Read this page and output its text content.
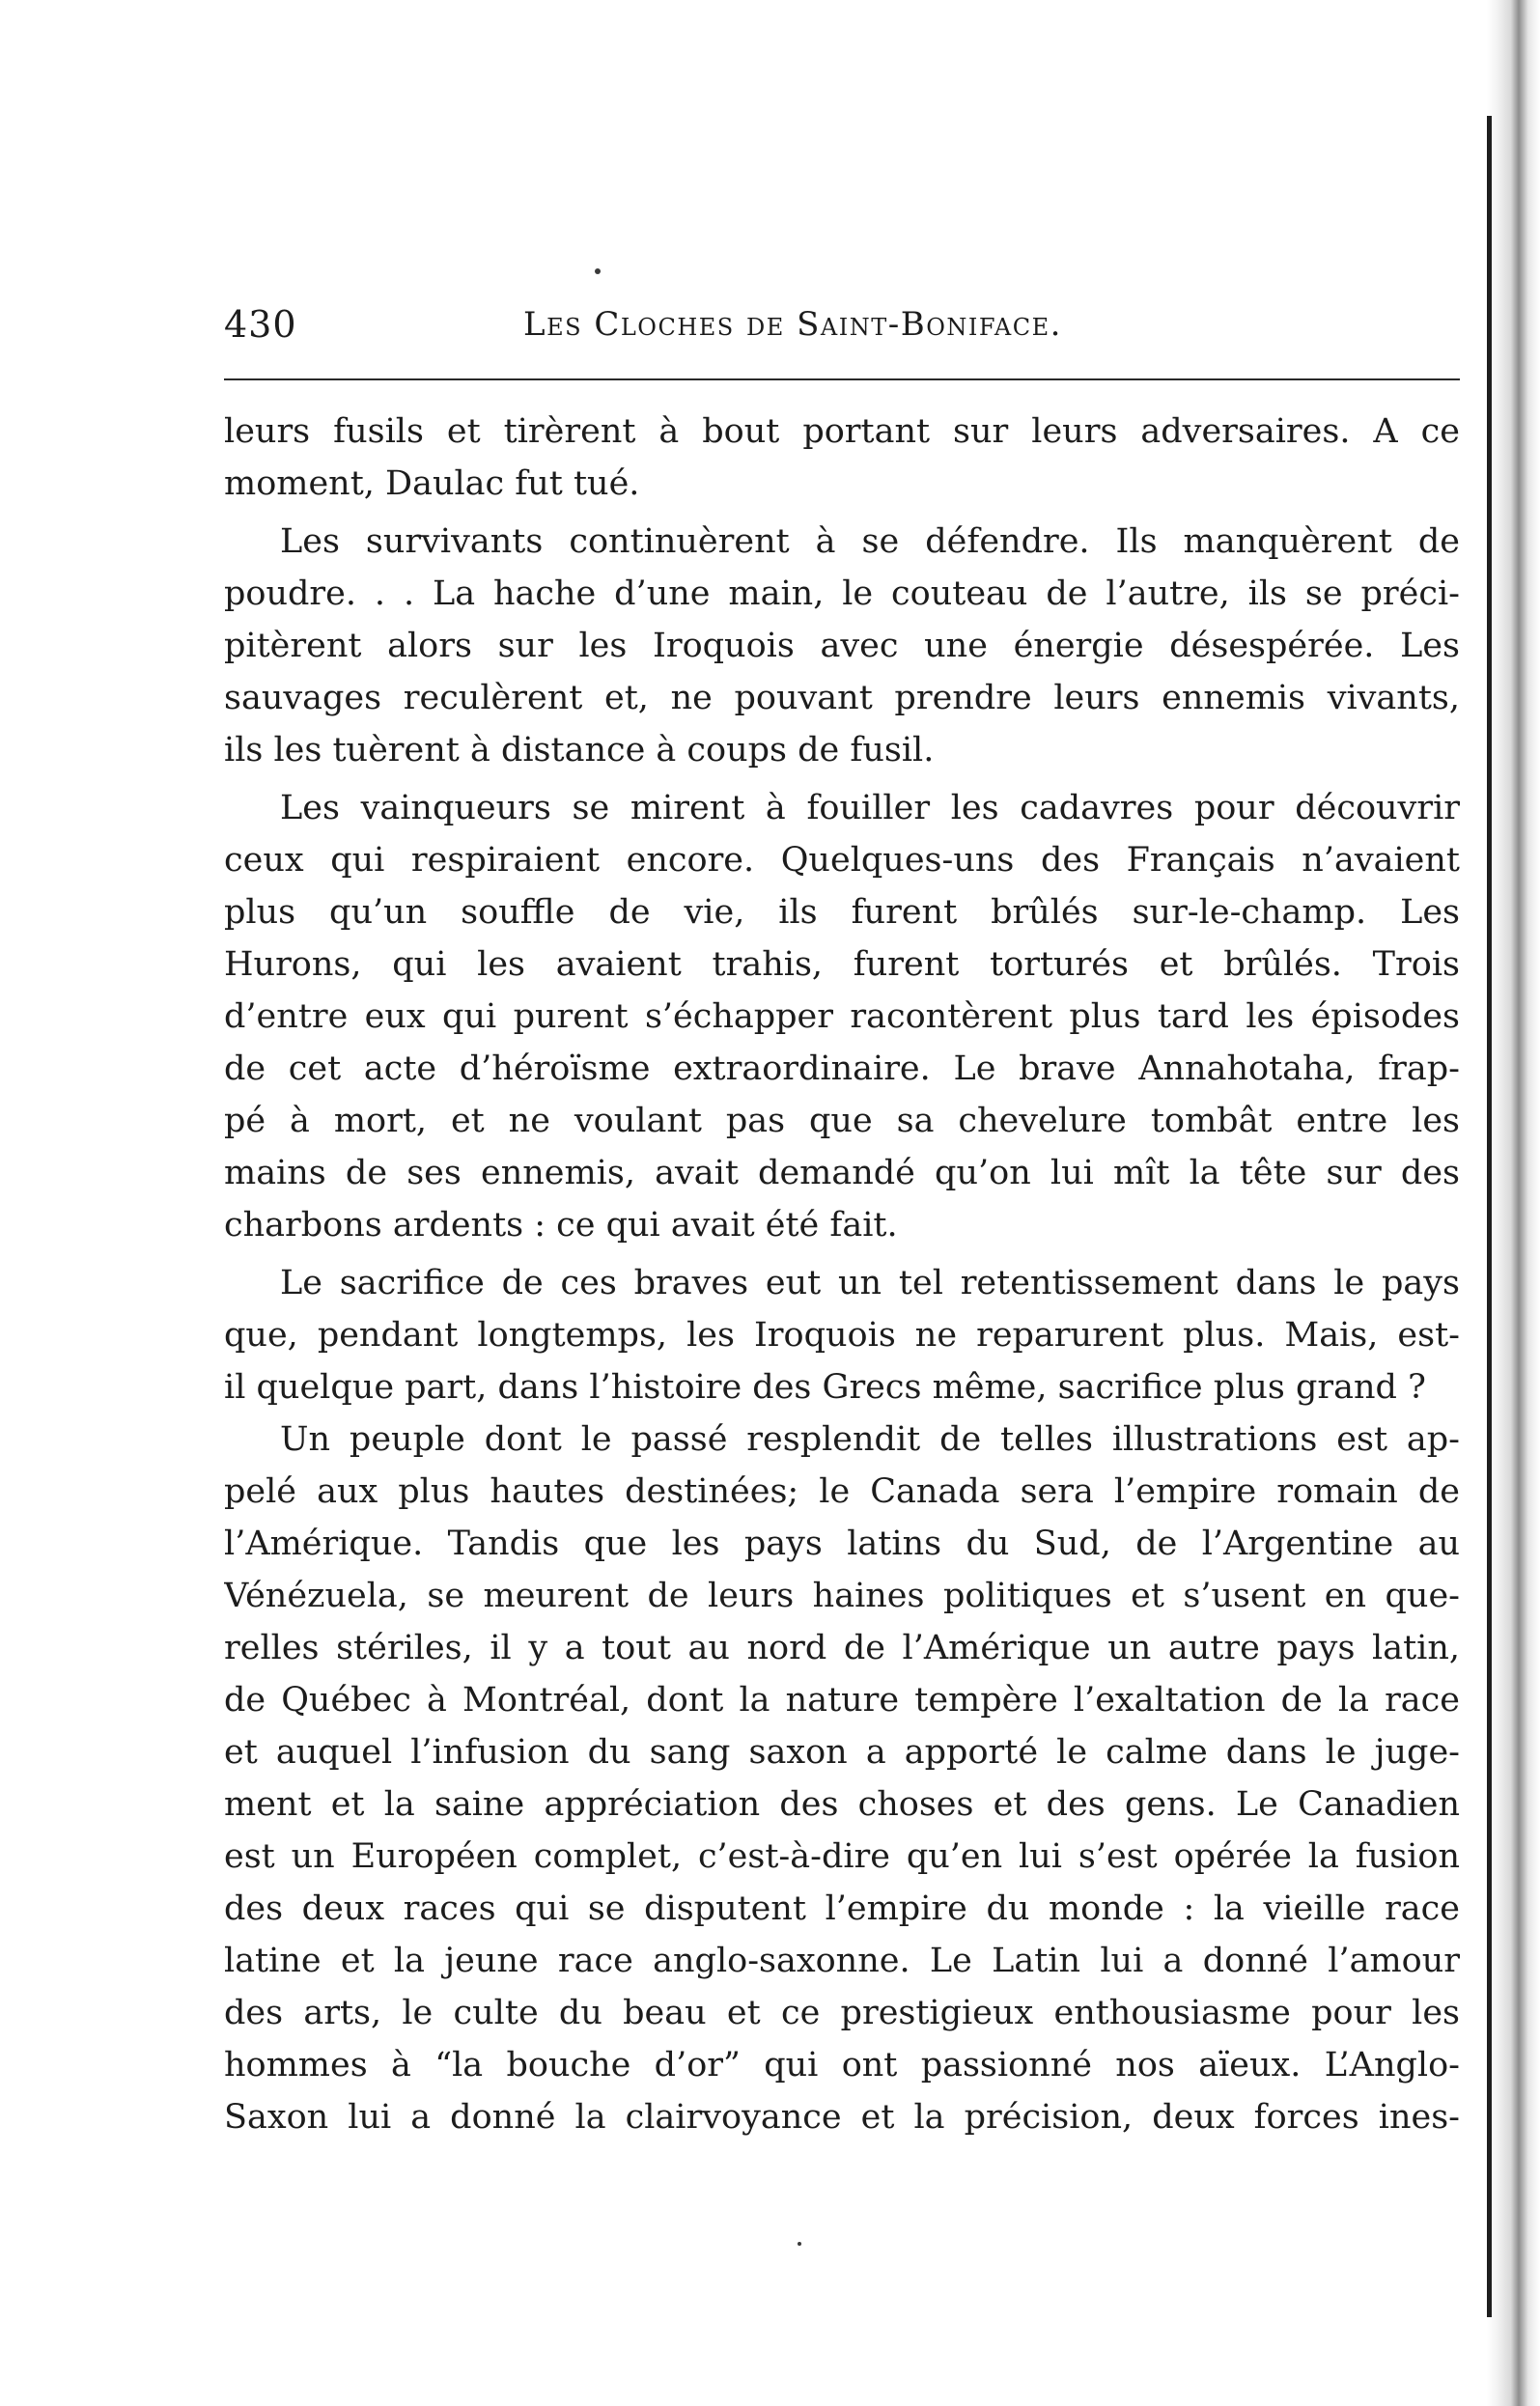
430	Les Cloches de Saint-Boniface.
leurs fusils et tirèrent à bout portant sur leurs adversaires. A ce
moment, Daulac fut tué.
Les survivants continuèrent à se défendre. Ils manquèrent de
poudre. . . La hache d’une main, le couteau de l’autre, ils se préci-
pitèrent alors sur les Iroquois avec une énergie désespérée. Les
sauvages reculèrent et, ne pouvant prendre leurs ennemis vivants,
ils les tuèrent à distance à coups de fusil.
Les vainqueurs se mirent à fouiller les cadavres pour découvrir
ceux qui respiraient encore. Quelques-uns des Français n’avaient
plus qu’un souffle de vie, ils furent brûlés sur-le-champ. Les
Hurons, qui les avaient trahis, furent torturés et brûlés. Trois
d’entre eux qui purent s’échapper racontèrent plus tard les épisodes
de cet acte d’héroïsme extraordinaire. Le brave Annahotaha, frap-
pé à mort, et ne voulant pas que sa chevelure tombât entre les
mains de ses ennemis, avait demandé qu’on lui mît la tête sur des
charbons ardents : ce qui avait été fait.
Le sacrifice de ces braves eut un tel retentissement dans le pays
que, pendant longtemps, les Iroquois ne reparurent plus. Mais, est-
il quelque part, dans l’histoire des Grecs même, sacrifice plus grand ?
Un peuple dont le passé resplendit de telles illustrations est ap-
pelé aux plus hautes destinées; le Canada sera l’empire romain de
l’Amérique. Tandis que les pays latins du Sud, de l’Argentine au
Vénézuela, se meurent de leurs haines politiques et s’usent en que-
relles stériles, il y a tout au nord de l’Amérique un autre pays latin,
de Québec à Montréal, dont la nature tempère l’exaltation de la race
et auquel l’infusion du sang saxon a apporté le calme dans le juge-
ment et la saine appréciation des choses et des gens. Le Canadien
est un Européen complet, c’est-à-dire qu’en lui s’est opérée la fusion
des deux races qui se disputent l’empire du monde : la vieille race
latine et la jeune race anglo-saxonne. Le Latin lui a donné l’amour
des arts, le culte du beau et ce prestigieux enthousiasme pour les
hommes à “la bouche d’or” qui ont passionné nos aïeux. L’Anglo-
Saxon lui a donné la clairvoyance et la précision, deux forces ines-
